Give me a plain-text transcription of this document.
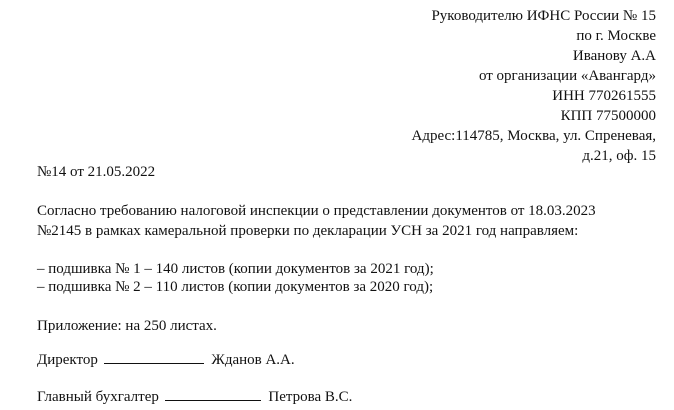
Руководителю ИФНС России № 15
по г. Москве
Иванову А.А
от организации «Авангард»
ИНН 770261555
КПП 77500000
Адрес:114785, Москва, ул. Спреневая,
д.21, оф. 15
№14 от 21.05.2022
Согласно требованию налоговой инспекции о представлении документов от 18.03.2023
№2145 в рамках камеральной проверки по декларации УСН за 2021 год направляем:
– подшивка № 1 – 140 листов (копии документов за 2021 год);
– подшивка № 2 – 110 листов (копии документов за 2020 год);
Приложение: на 250 листах.
Директор	Жданов А.А.
Главный бухгалтер	Петрова В.С.
